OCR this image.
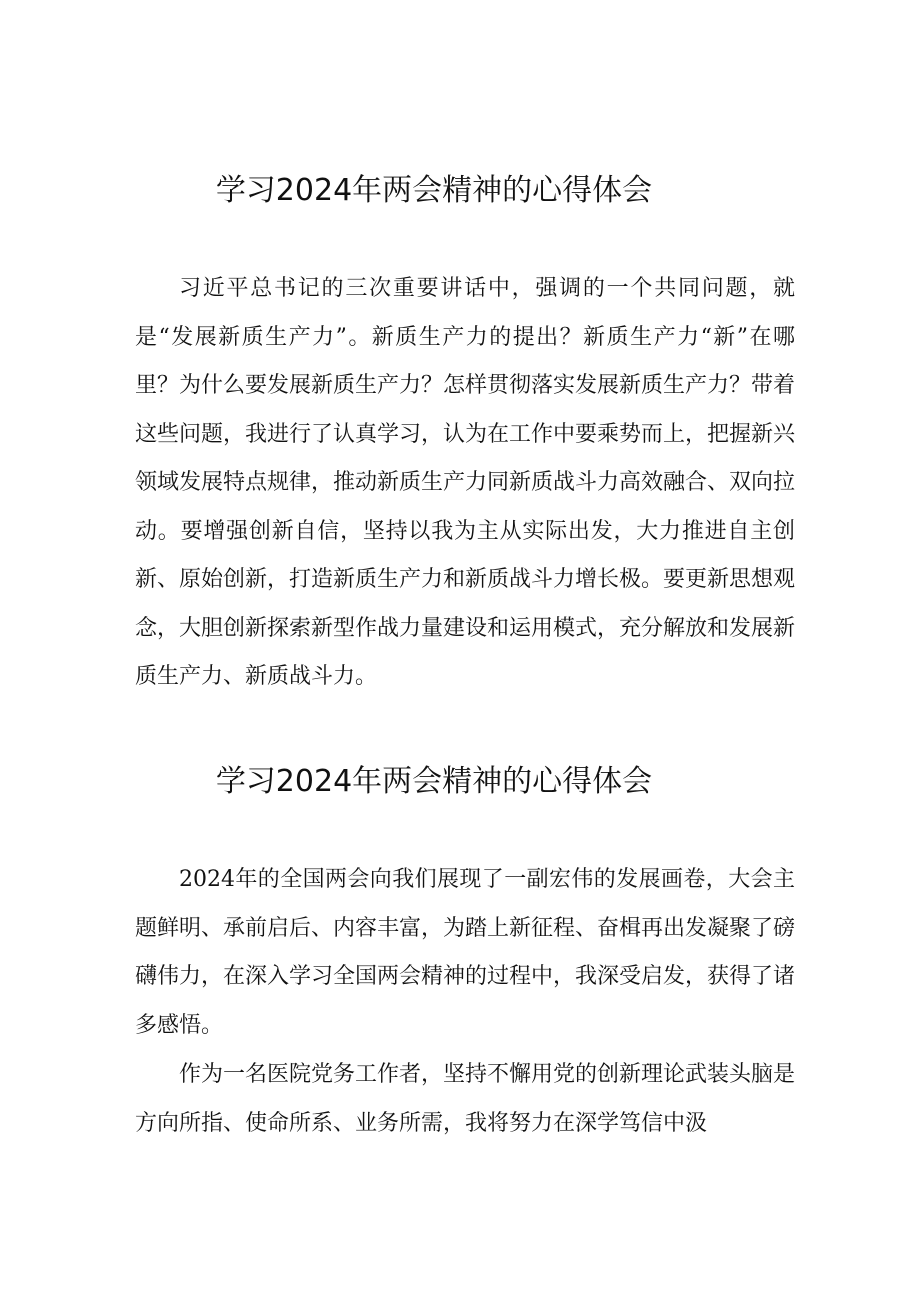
学习2024年两会精神的心得体会

习近平总书记的三次重要讲话中，强调的一个共同问题，就是“发展新质生产力”。新质生产力的提出？新质生产力“新”在哪里？为什么要发展新质生产力？怎样贯彻落实发展新质生产力？带着这些问题，我进行了认真学习，认为在工作中要乘势而上，把握新兴领域发展特点规律，推动新质生产力同新质战斗力高效融合、双向拉动。要增强创新自信，坚持以我为主从实际出发，大力推进自主创新、原始创新，打造新质生产力和新质战斗力增长极。要更新思想观念，大胆创新探索新型作战力量建设和运用模式，充分解放和发展新质生产力、新质战斗力。

学习2024年两会精神的心得体会

2024年的全国两会向我们展现了一副宏伟的发展画卷，大会主题鲜明、承前启后、内容丰富，为踏上新征程、奋楫再出发凝聚了磅礴伟力，在深入学习全国两会精神的过程中，我深受启发，获得了诸多感悟。

作为一名医院党务工作者，坚持不懈用党的创新理论武装头脑是方向所指、使命所系、业务所需，我将努力在深学笃信中汲
